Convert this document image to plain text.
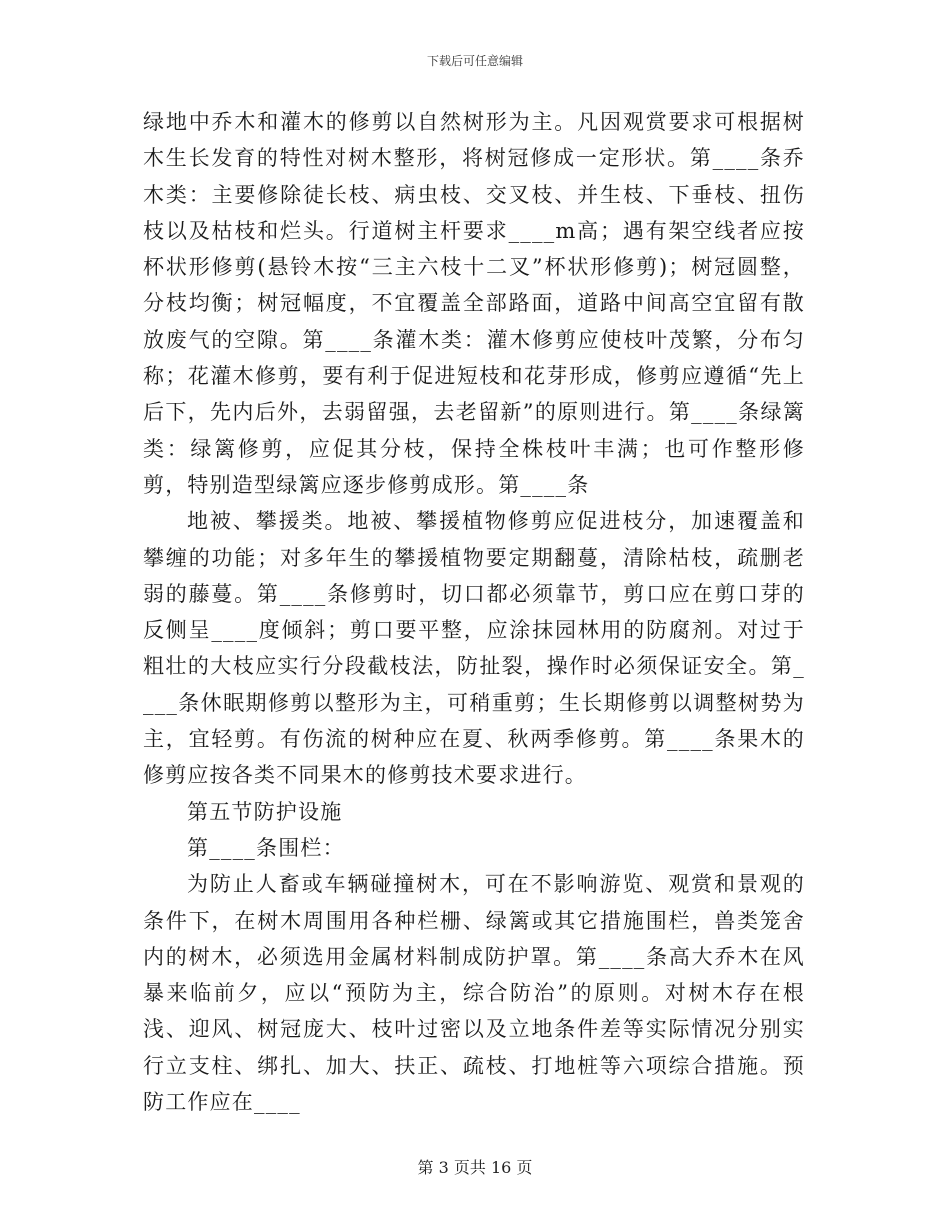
下载后可任意编辑

绿地中乔木和灌木的修剪以自然树形为主。凡因观赏要求可根据树木生长发育的特性对树木整形，将树冠修成一定形状。第____条乔木类：主要修除徒长枝、病虫枝、交叉枝、并生枝、下垂枝、扭伤枝以及枯枝和烂头。行道树主杆要求____m高；遇有架空线者应按杯状形修剪(悬铃木按“三主六枝十二叉”杯状形修剪)；树冠圆整，分枝均衡；树冠幅度，不宜覆盖全部路面，道路中间高空宜留有散放废气的空隙。第____条灌木类：灌木修剪应使枝叶茂繁，分布匀称；花灌木修剪，要有利于促进短枝和花芽形成，修剪应遵循“先上后下，先内后外，去弱留强，去老留新”的原则进行。第____条绿篱类：绿篱修剪，应促其分枝，保持全株枝叶丰满；也可作整形修剪，特别造型绿篱应逐步修剪成形。第____条

地被、攀援类。地被、攀援植物修剪应促进枝分，加速覆盖和攀缠的功能；对多年生的攀援植物要定期翻蔓，清除枯枝，疏删老弱的藤蔓。第____条修剪时，切口都必须靠节，剪口应在剪口芽的反侧呈____度倾斜；剪口要平整，应涂抹园林用的防腐剂。对过于粗壮的大枝应实行分段截枝法，防扯裂，操作时必须保证安全。第____条休眠期修剪以整形为主，可稍重剪；生长期修剪以调整树势为主，宜轻剪。有伤流的树种应在夏、秋两季修剪。第____条果木的修剪应按各类不同果木的修剪技术要求进行。

第五节防护设施

第____条围栏：

为防止人畜或车辆碰撞树木，可在不影响游览、观赏和景观的条件下，在树木周围用各种栏栅、绿篱或其它措施围栏，兽类笼舍内的树木，必须选用金属材料制成防护罩。第____条高大乔木在风暴来临前夕，应以“预防为主，综合防治”的原则。对树木存在根浅、迎风、树冠庞大、枝叶过密以及立地条件差等实际情况分别实行立支柱、绑扎、加大、扶正、疏枝、打地桩等六项综合措施。预防工作应在____

第 3 页共 16 页
